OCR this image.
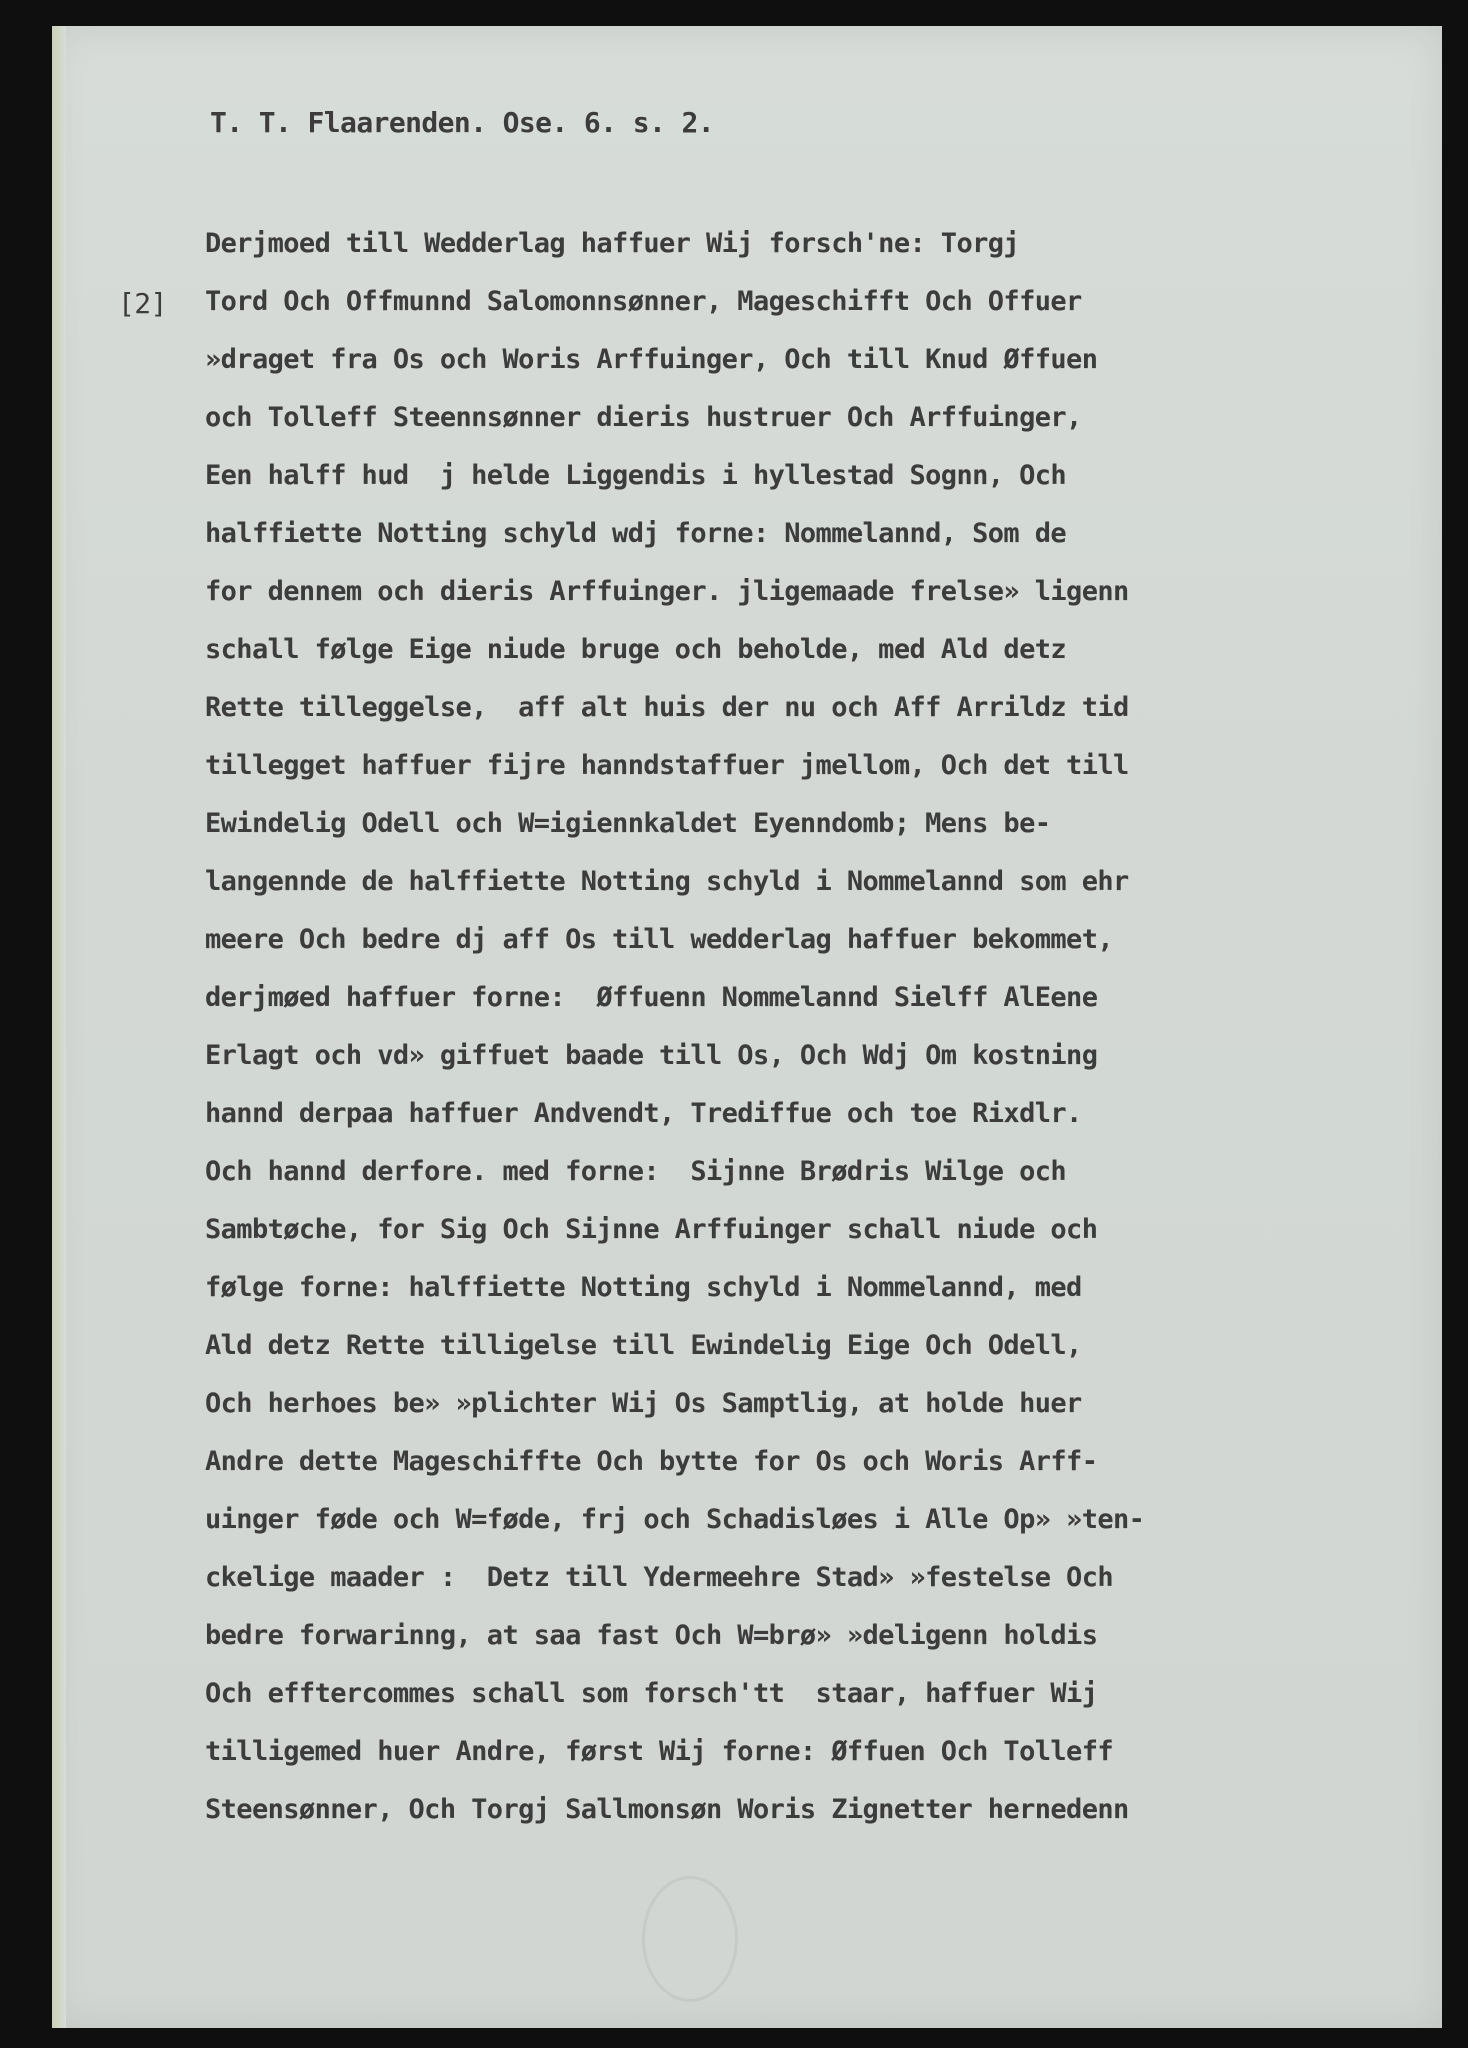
T. T. Flaarenden. Ose. 6. s. 2.
[2]
Derjmoed till Wedderlag haffuer Wij forsch'ne: Torgj
Tord Och Offmunnd Salomonnsønner, Mageschifft Och Offuer
»draget fra Os och Woris Arffuinger, Och till Knud Øffuen
och Tolleff Steennsønner dieris hustruer Och Arffuinger,
Een halff hud  j helde Liggendis i hyllestad Sognn, Och
halffiette Notting schyld wdj forne: Nommelannd, Som de
for dennem och dieris Arffuinger. jligemaade frelse» ligenn
schall følge Eige niude bruge och beholde, med Ald detz
Rette tilleggelse,  aff alt huis der nu och Aff Arrildz tid
tillegget haffuer fijre hanndstaffuer jmellom, Och det till
Ewindelig Odell och W=igiennkaldet Eyenndomb; Mens be-
langennde de halffiette Notting schyld i Nommelannd som ehr
meere Och bedre dj aff Os till wedderlag haffuer bekommet,
derjmøed haffuer forne:  Øffuenn Nommelannd Sielff AlEene
Erlagt och vd» giffuet baade till Os, Och Wdj Om kostning
hannd derpaa haffuer Andvendt, Trediffue och toe Rixdlr.
Och hannd derfore. med forne:  Sijnne Brødris Wilge och
Sambtøche, for Sig Och Sijnne Arffuinger schall niude och
følge forne: halffiette Notting schyld i Nommelannd, med
Ald detz Rette tilligelse till Ewindelig Eige Och Odell,
Och herhoes be» »plichter Wij Os Samptlig, at holde huer
Andre dette Mageschiffte Och bytte for Os och Woris Arff-
uinger føde och W=føde, frj och Schadisløes i Alle Op» »ten-
ckelige maader :  Detz till Ydermeehre Stad» »festelse Och
bedre forwarinng, at saa fast Och W=brø» »deligenn holdis
Och efftercommes schall som forsch'tt  staar, haffuer Wij
tilligemed huer Andre, først Wij forne: Øffuen Och Tolleff
Steensønner, Och Torgj Sallmonsøn Woris Zignetter hernedenn
